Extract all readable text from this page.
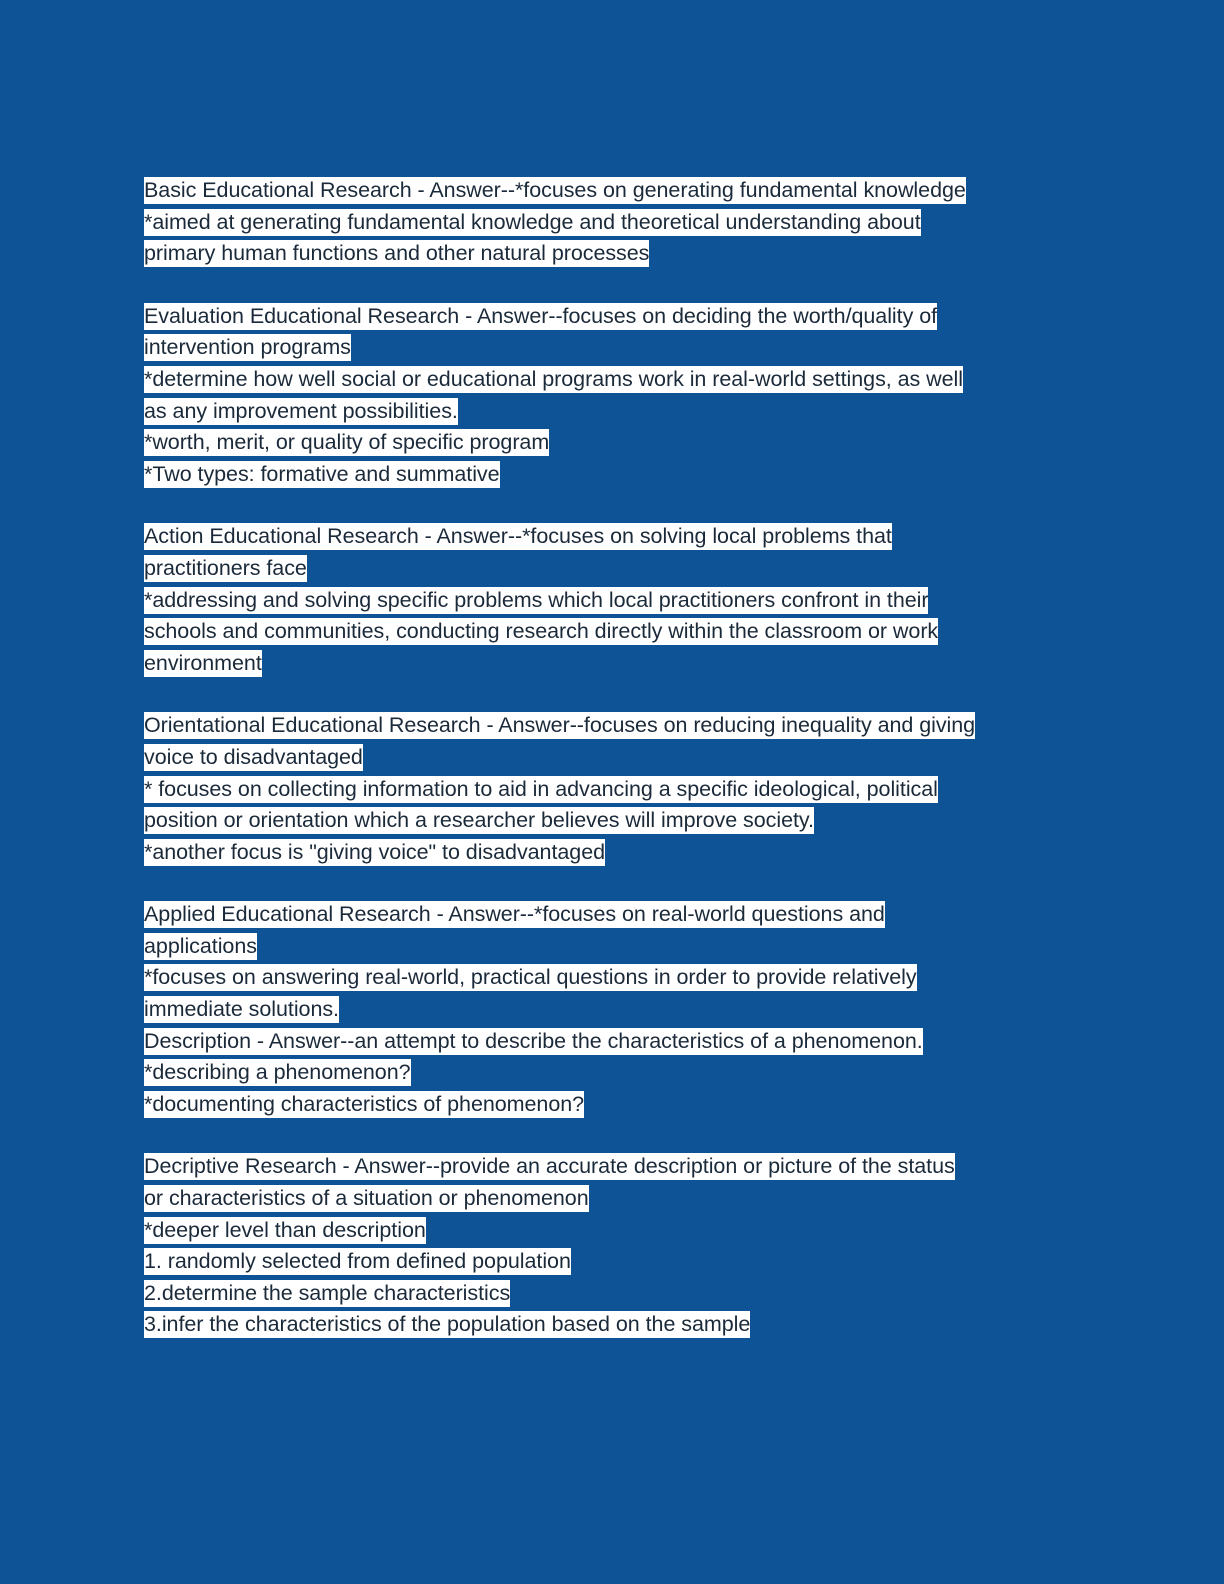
Basic Educational Research - Answer--*focuses on generating fundamental knowledge
*aimed at generating fundamental knowledge and theoretical understanding about
primary human functions and other natural processes
Evaluation Educational Research - Answer--focuses on deciding the worth/quality of
intervention programs
*determine how well social or educational programs work in real-world settings, as well
as any improvement possibilities.
*worth, merit, or quality of specific program
*Two types: formative and summative
Action Educational Research - Answer--*focuses on solving local problems that
practitioners face
*addressing and solving specific problems which local practitioners confront in their
schools and communities, conducting research directly within the classroom or work
environment
Orientational Educational Research - Answer--focuses on reducing inequality and giving
voice to disadvantaged
* focuses on collecting information to aid in advancing a specific ideological, political
position or orientation which a researcher believes will improve society.
*another focus is "giving voice" to disadvantaged
Applied Educational Research - Answer--*focuses on real-world questions and
applications
*focuses on answering real-world, practical questions in order to provide relatively
immediate solutions.
Description - Answer--an attempt to describe the characteristics of a phenomenon.
*describing a phenomenon?
*documenting characteristics of phenomenon?
Decriptive Research - Answer--provide an accurate description or picture of the status
or characteristics of a situation or phenomenon
*deeper level than description
1. randomly selected from defined population
2.determine the sample characteristics
3.infer the characteristics of the population based on the sample
